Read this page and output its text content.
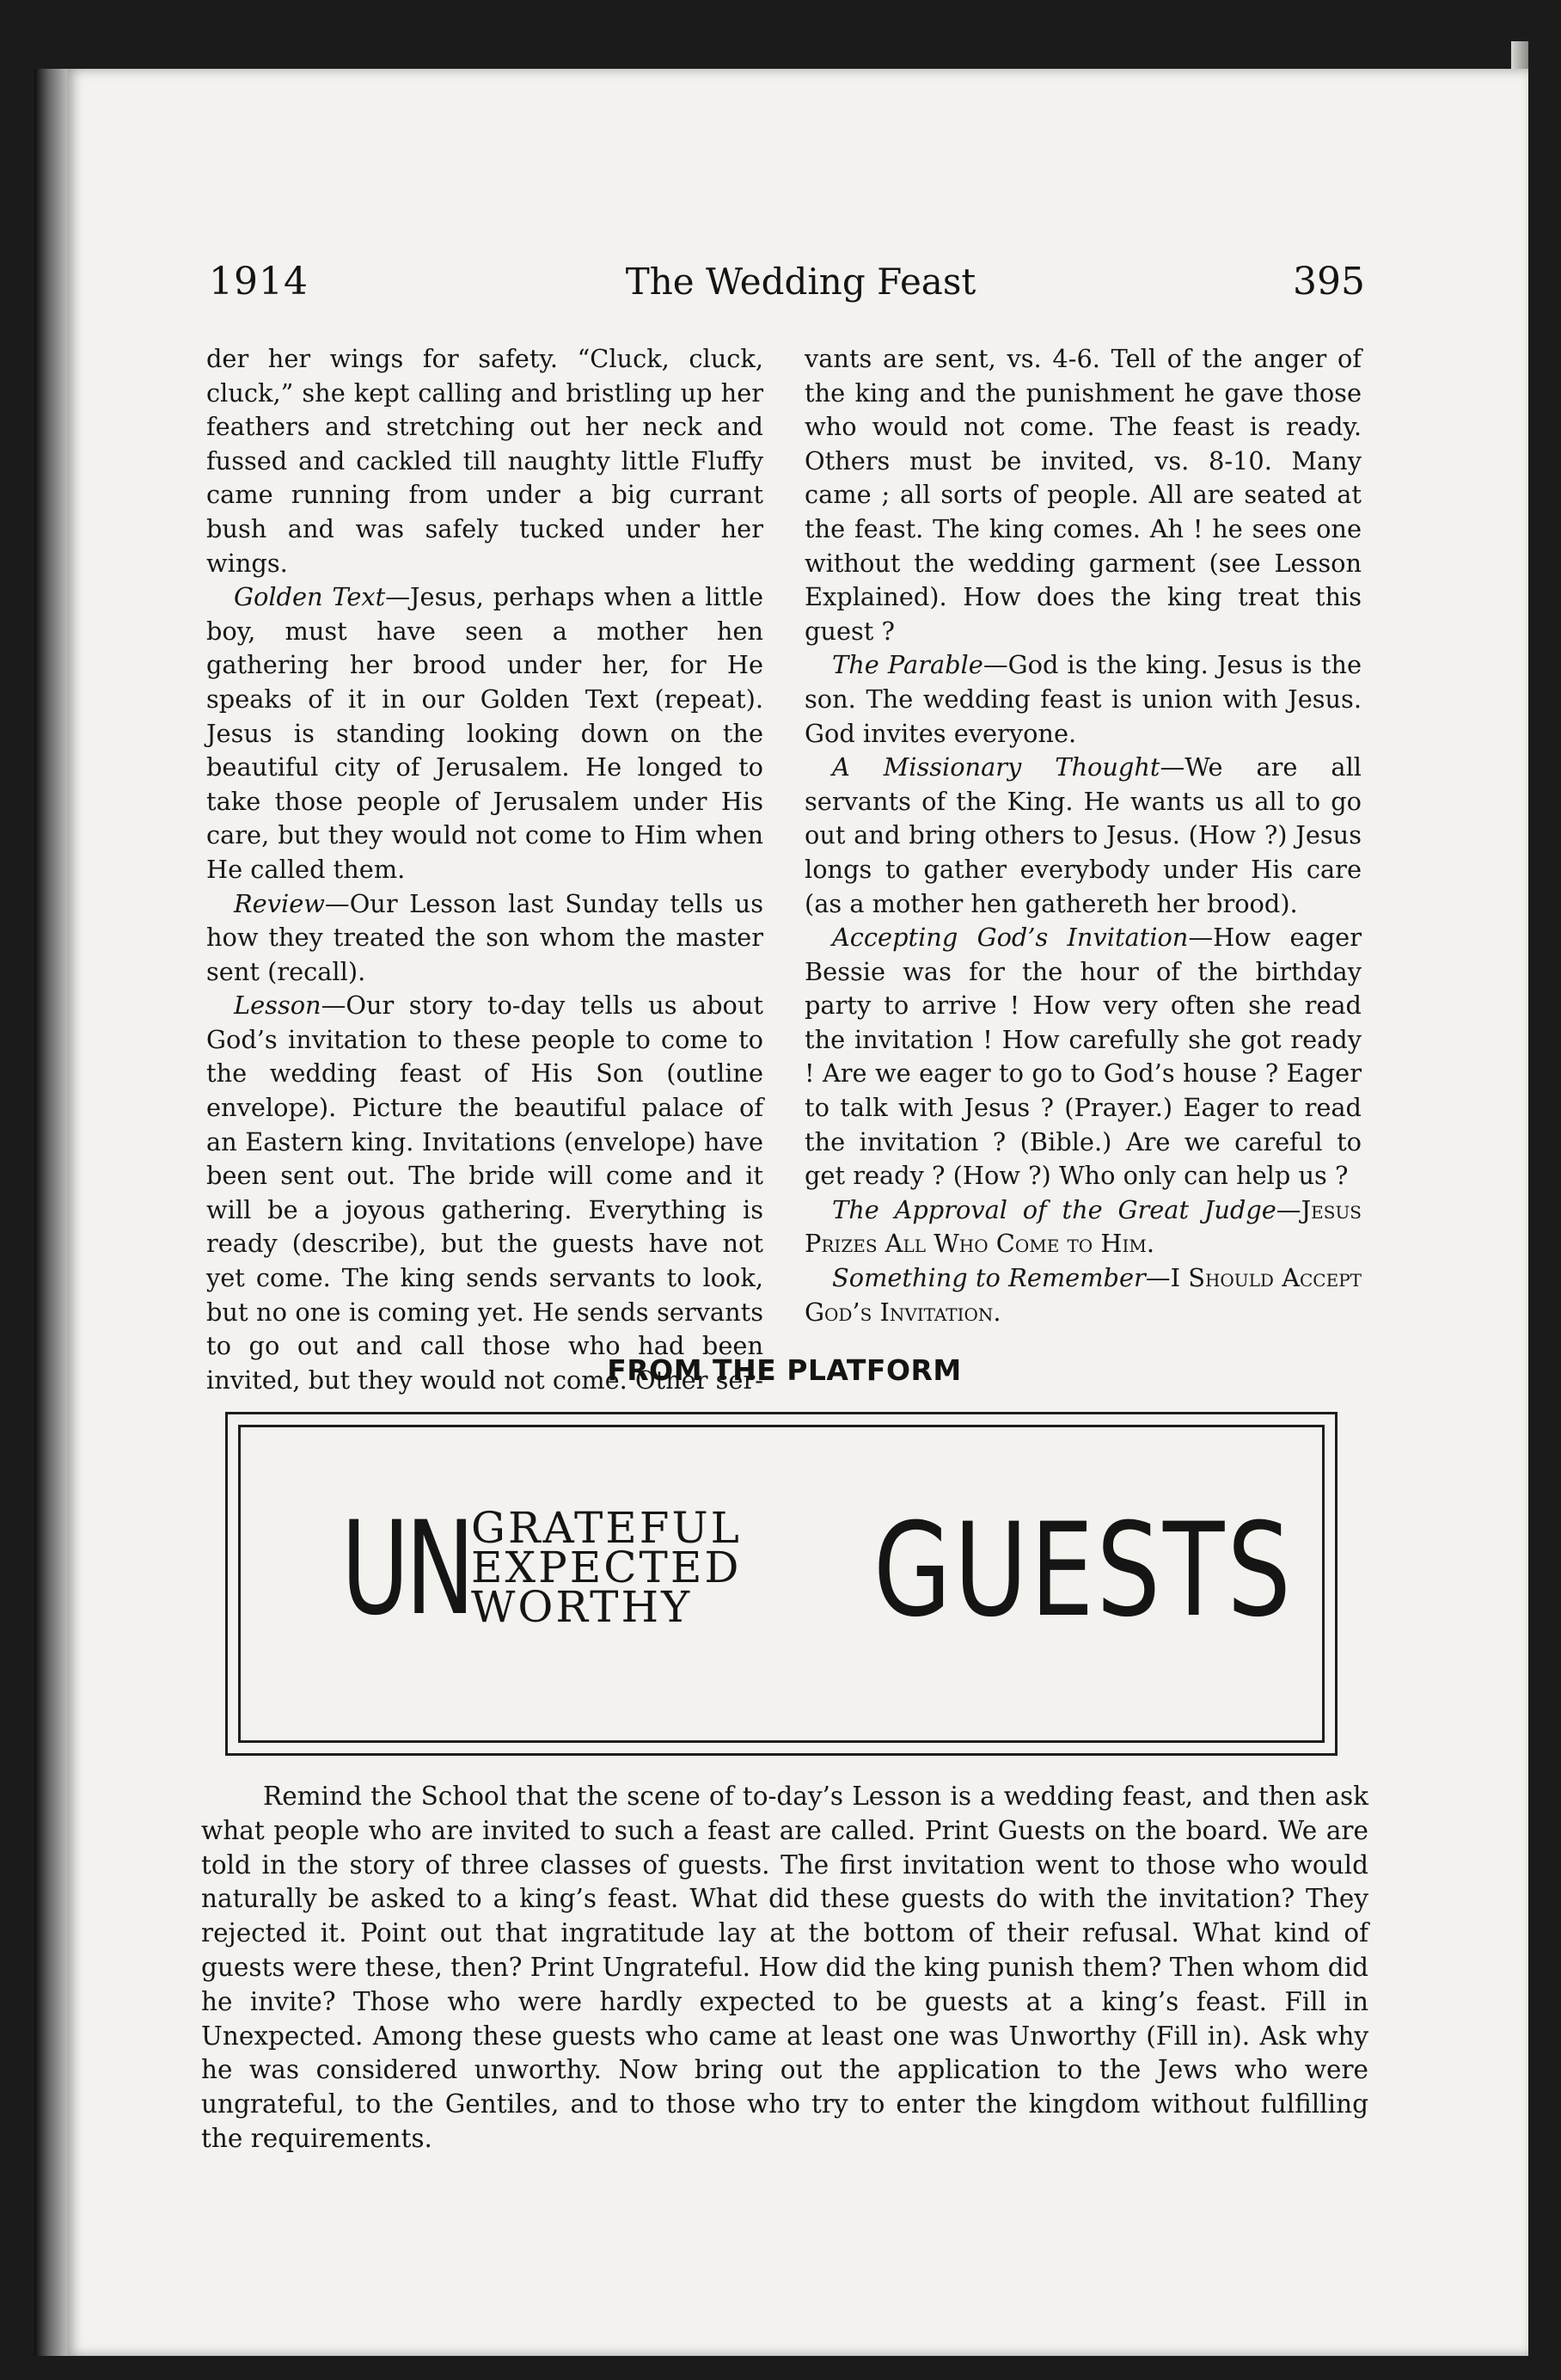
1914	The Wedding Feast	395

der her wings for safety. “Cluck, cluck, cluck,” she kept calling and bristling up her feathers and stretching out her neck and fussed and cackled till naughty little Fluffy came running from under a big currant bush and was safely tucked under her wings.

Golden Text—Jesus, perhaps when a little boy, must have seen a mother hen gathering her brood under her, for He speaks of it in our Golden Text (repeat). Jesus is standing looking down on the beautiful city of Jerusalem. He longed to take those people of Jerusalem under His care, but they would not come to Him when He called them.

Review—Our Lesson last Sunday tells us how they treated the son whom the master sent (recall).

Lesson—Our story to-day tells us about God’s invitation to these people to come to the wedding feast of His Son (outline envelope). Picture the beautiful palace of an Eastern king. Invitations (envelope) have been sent out. The bride will come and it will be a joyous gathering. Everything is ready (describe), but the guests have not yet come. The king sends servants to look, but no one is coming yet. He sends servants to go out and call those who had been invited, but they would not come. Other ser-

vants are sent, vs. 4-6. Tell of the anger of the king and the punishment he gave those who would not come. The feast is ready. Others must be invited, vs. 8-10. Many came ; all sorts of people. All are seated at the feast. The king comes. Ah ! he sees one without the wedding garment (see Lesson Explained). How does the king treat this guest ?

The Parable—God is the king. Jesus is the son. The wedding feast is union with Jesus. God invites everyone.

A Missionary Thought—We are all servants of the King. He wants us all to go out and bring others to Jesus. (How ?) Jesus longs to gather everybody under His care (as a mother hen gathereth her brood).

Accepting God’s Invitation—How eager Bessie was for the hour of the birthday party to arrive ! How very often she read the invitation ! How carefully she got ready ! Are we eager to go to God’s house ? Eager to talk with Jesus ? (Prayer.) Eager to read the invitation ? (Bible.) Are we careful to get ready ? (How ?) Who only can help us ?

The Approval of the Great Judge—Jesus Prizes All Who Come to Him.

Something to Remember—I Should Accept God’s Invitation.

FROM THE PLATFORM
UN GRATEFUL
EXPECTED
WORTHY	GUESTS

Remind the School that the scene of to-day’s Lesson is a wedding feast, and then ask what people who are invited to such a feast are called. Print Guests on the board. We are told in the story of three classes of guests. The first invitation went to those who would naturally be asked to a king’s feast. What did these guests do with the invitation? They rejected it. Point out that ingratitude lay at the bottom of their refusal. What kind of guests were these, then? Print Ungrateful. How did the king punish them? Then whom did he invite? Those who were hardly expected to be guests at a king’s feast. Fill in Unexpected. Among these guests who came at least one was Unworthy (Fill in). Ask why he was considered unworthy. Now bring out the application to the Jews who were ungrateful, to the Gentiles, and to those who try to enter the kingdom without fulfilling the requirements.
